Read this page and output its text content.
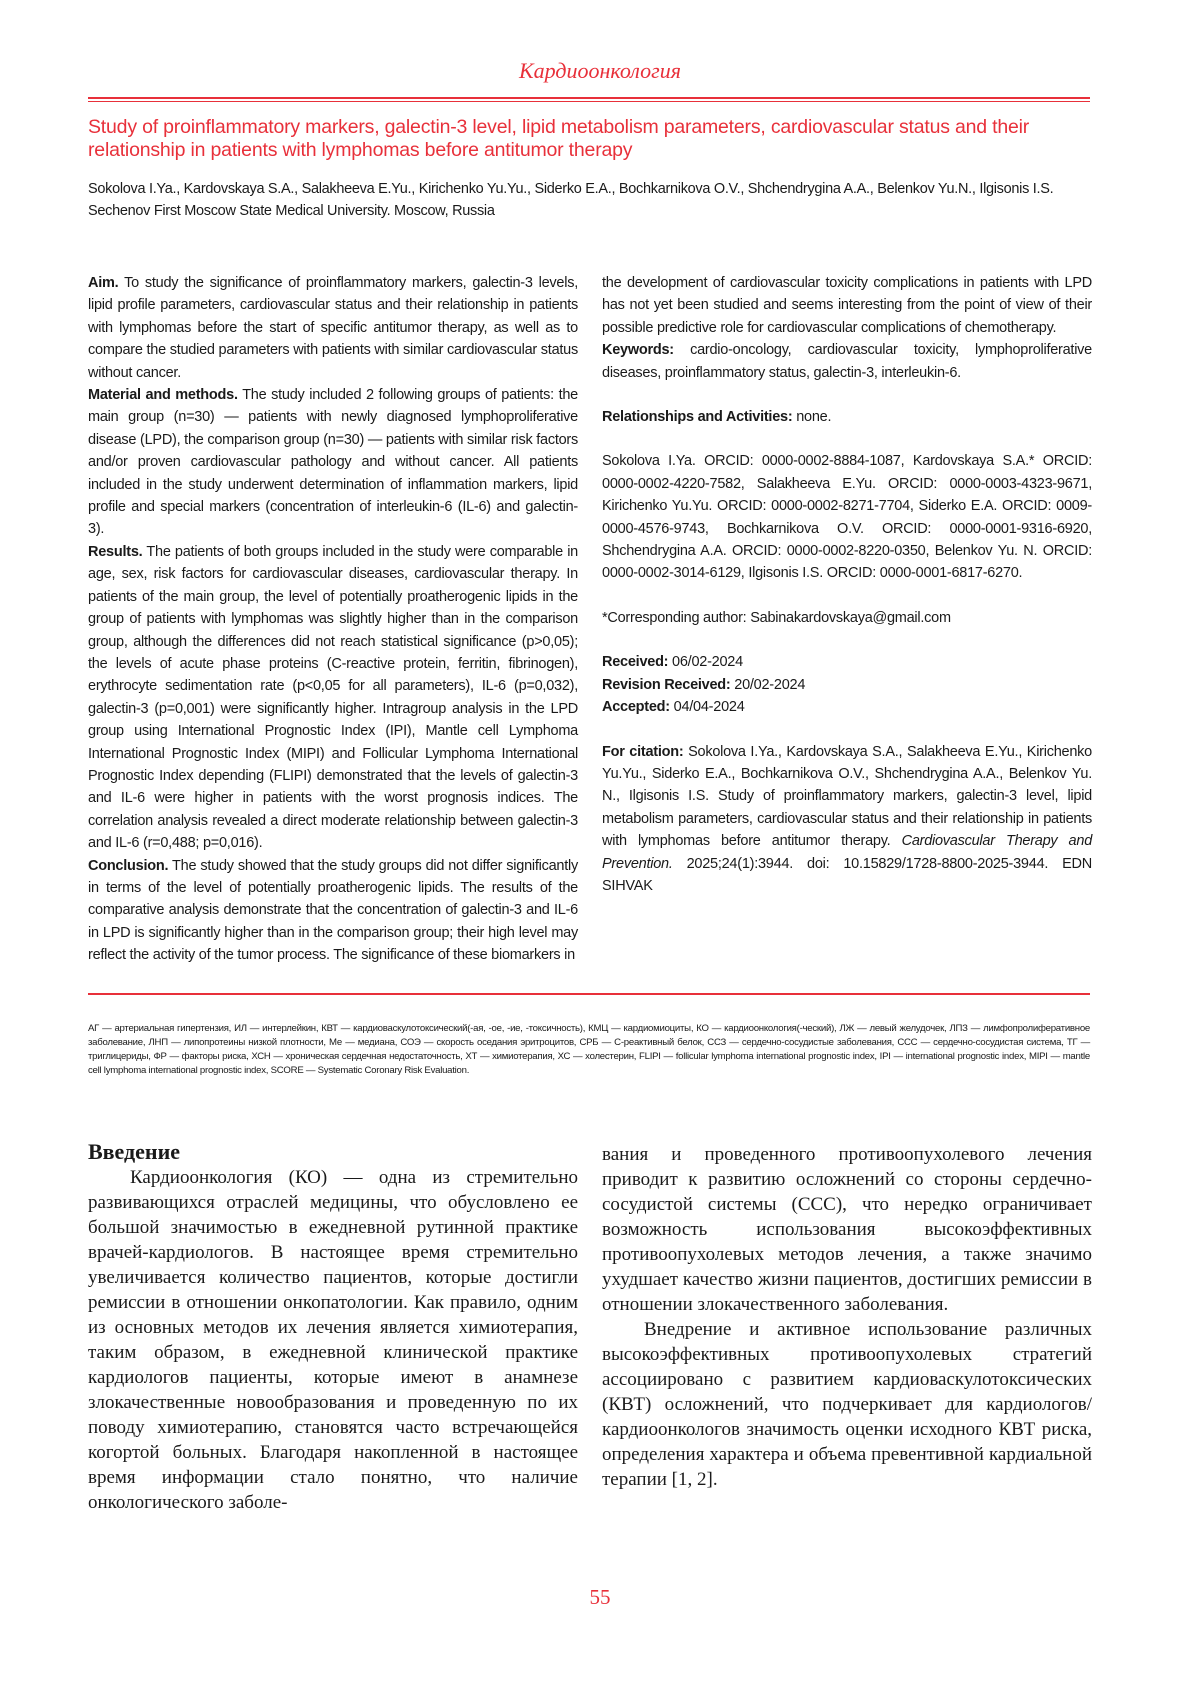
Кардиоонкология
Study of proinflammatory markers, galectin-3 level, lipid metabolism parameters, cardiovascular status and their relationship in patients with lymphomas before antitumor therapy
Sokolova I.Ya., Kardovskaya S.A., Salakheeva E.Yu., Kirichenko Yu.Yu., Siderko E.A., Bochkarnikova O.V., Shchendrygina A.A., Belenkov Yu.N., Ilgisonis I.S.
Sechenov First Moscow State Medical University. Moscow, Russia

Aim. To study the significance of proinflammatory markers, galectin-3 levels, lipid profile parameters, cardiovascular status and their relationship in patients with lymphomas before the start of specific antitumor therapy, as well as to compare the studied parameters with patients with similar cardiovascular status without cancer.

Material and methods. The study included 2 following groups of patients: the main group (n=30) — patients with newly diagnosed lymphoproliferative disease (LPD), the comparison group (n=30) — patients with similar risk factors and/or proven cardiovascular pathology and without cancer. All patients included in the study underwent determination of inflammation markers, lipid profile and special markers (concentration of interleukin-6 (IL-6) and galectin-3).

Results. The patients of both groups included in the study were comparable in age, sex, risk factors for cardiovascular diseases, cardiovascular therapy. In patients of the main group, the level of potentially proatherogenic lipids in the group of patients with lymphomas was slightly higher than in the comparison group, although the differences did not reach statistical significance (p>0,05); the levels of acute phase proteins (C-reactive protein, ferritin, fibrinogen), erythrocyte sedimentation rate (p<0,05 for all parameters), IL-6 (p=0,032), galectin-3 (p=0,001) were significantly higher. Intragroup analysis in the LPD group using International Prognostic Index (IPI), Mantle cell Lymphoma International Prognostic Index (MIPI) and Follicular Lymphoma International Prognostic Index depending (FLIPI) demonstrated that the levels of galectin-3 and IL-6 were higher in patients with the worst prognosis indices. The correlation analysis revealed a direct moderate relationship between galectin-3 and IL-6 (r=0,488; p=0,016).

Conclusion. The study showed that the study groups did not differ significantly in terms of the level of potentially proatherogenic lipids. The results of the comparative analysis demonstrate that the concentration of galectin-3 and IL-6 in LPD is significantly higher than in the comparison group; their high level may reflect the activity of the tumor process. The significance of these biomarkers in

the development of cardiovascular toxicity complications in patients with LPD has not yet been studied and seems interesting from the point of view of their possible predictive role for cardiovascular complications of chemotherapy.

Keywords: cardio-oncology, cardiovascular toxicity, lymphoproliferative diseases, proinflammatory status, galectin-3, interleukin-6.

Relationships and Activities: none.

Sokolova I.Ya. ORCID: 0000-0002-8884-1087, Kardovskaya S.A.* ORCID: 0000-0002-4220-7582, Salakheeva E.Yu. ORCID: 0000-0003-4323-9671, Kirichenko Yu.Yu. ORCID: 0000-0002-8271-7704, Siderko E.A. ORCID: 0009-0000-4576-9743, Bochkarnikova O.V. ORCID: 0000-0001-9316-6920, Shchendrygina A.A. ORCID: 0000-0002-8220-0350, Belenkov Yu. N. ORCID: 0000-0002-3014-6129, Ilgisonis I.S. ORCID: 0000-0001-6817-6270.

*Corresponding author: Sabinakardovskaya@gmail.com

Received: 06/02-2024

Revision Received: 20/02-2024

Accepted: 04/04-2024

For citation: Sokolova I.Ya., Kardovskaya S.A., Salakheeva E.Yu., Kirichenko Yu.Yu., Siderko E.A., Bochkarnikova O.V., Shchendrygina A.A., Belenkov Yu. N., Ilgisonis I.S. Study of proinflammatory markers, galectin-3 level, lipid metabolism parameters, cardiovascular status and their relationship in patients with lymphomas before antitumor therapy. Cardiovascular Therapy and Prevention. 2025;24(1):3944. doi: 10.15829/1728-8800-2025-3944. EDN SIHVAK

АГ — артериальная гипертензия, ИЛ — интерлейкин, КВТ — кардиоваскулотоксический(-ая, -ое, -ие, -токсичность), КМЦ — кардиомиоциты, КО — кардиоонкология(-ческий), ЛЖ — левый желудочек, ЛПЗ — лимфопролиферативное заболевание, ЛНП — липопротеины низкой плотности, Ме — медиана, СОЭ — скорость оседания эритроцитов, СРБ — С-реактивный белок, ССЗ — сердечно-сосудистые заболевания, ССС — сердечно-сосудистая система, ТГ — триглицериды, ФР — факторы риска, ХСН — хроническая сердечная недостаточность, ХТ — химиотерапия, ХС — холестерин, FLIPI — follicular lymphoma international prognostic index, IPI — international prognostic index, MIPI — mantle cell lymphoma international prognostic index, SCORE — Systematic Coronary Risk Evaluation.
Введение

Кардиоонкология (КО) — одна из стремительно развивающихся отраслей медицины, что обусловлено ее большой значимостью в ежедневной рутинной практике врачей-кардиологов. В настоящее время стремительно увеличивается количество пациентов, которые достигли ремиссии в отношении онкопатологии. Как правило, одним из основных методов их лечения является химиотерапия, таким образом, в ежедневной клинической практике кардиологов пациенты, которые имеют в анамнезе злокачественные новообразования и проведенную по их поводу химиотерапию, становятся часто встречающейся когортой больных. Благодаря накопленной в настоящее время информации стало понятно, что наличие онкологического заболе-

вания и проведенного противоопухолевого лечения приводит к развитию осложнений со стороны сердечно-сосудистой системы (ССС), что нередко ограничивает возможность использования высокоэффективных противоопухолевых методов лечения, а также значимо ухудшает качество жизни пациентов, достигших ремиссии в отношении злокачественного заболевания.

Внедрение и активное использование различных высокоэффективных противоопухолевых стратегий ассоциировано с развитием кардиоваскулотоксических (КВТ) осложнений, что подчеркивает для кардиологов/кардиоонкологов значимость оценки исходного КВТ риска, определения характера и объема превентивной кардиальной терапии [1, 2].

55
